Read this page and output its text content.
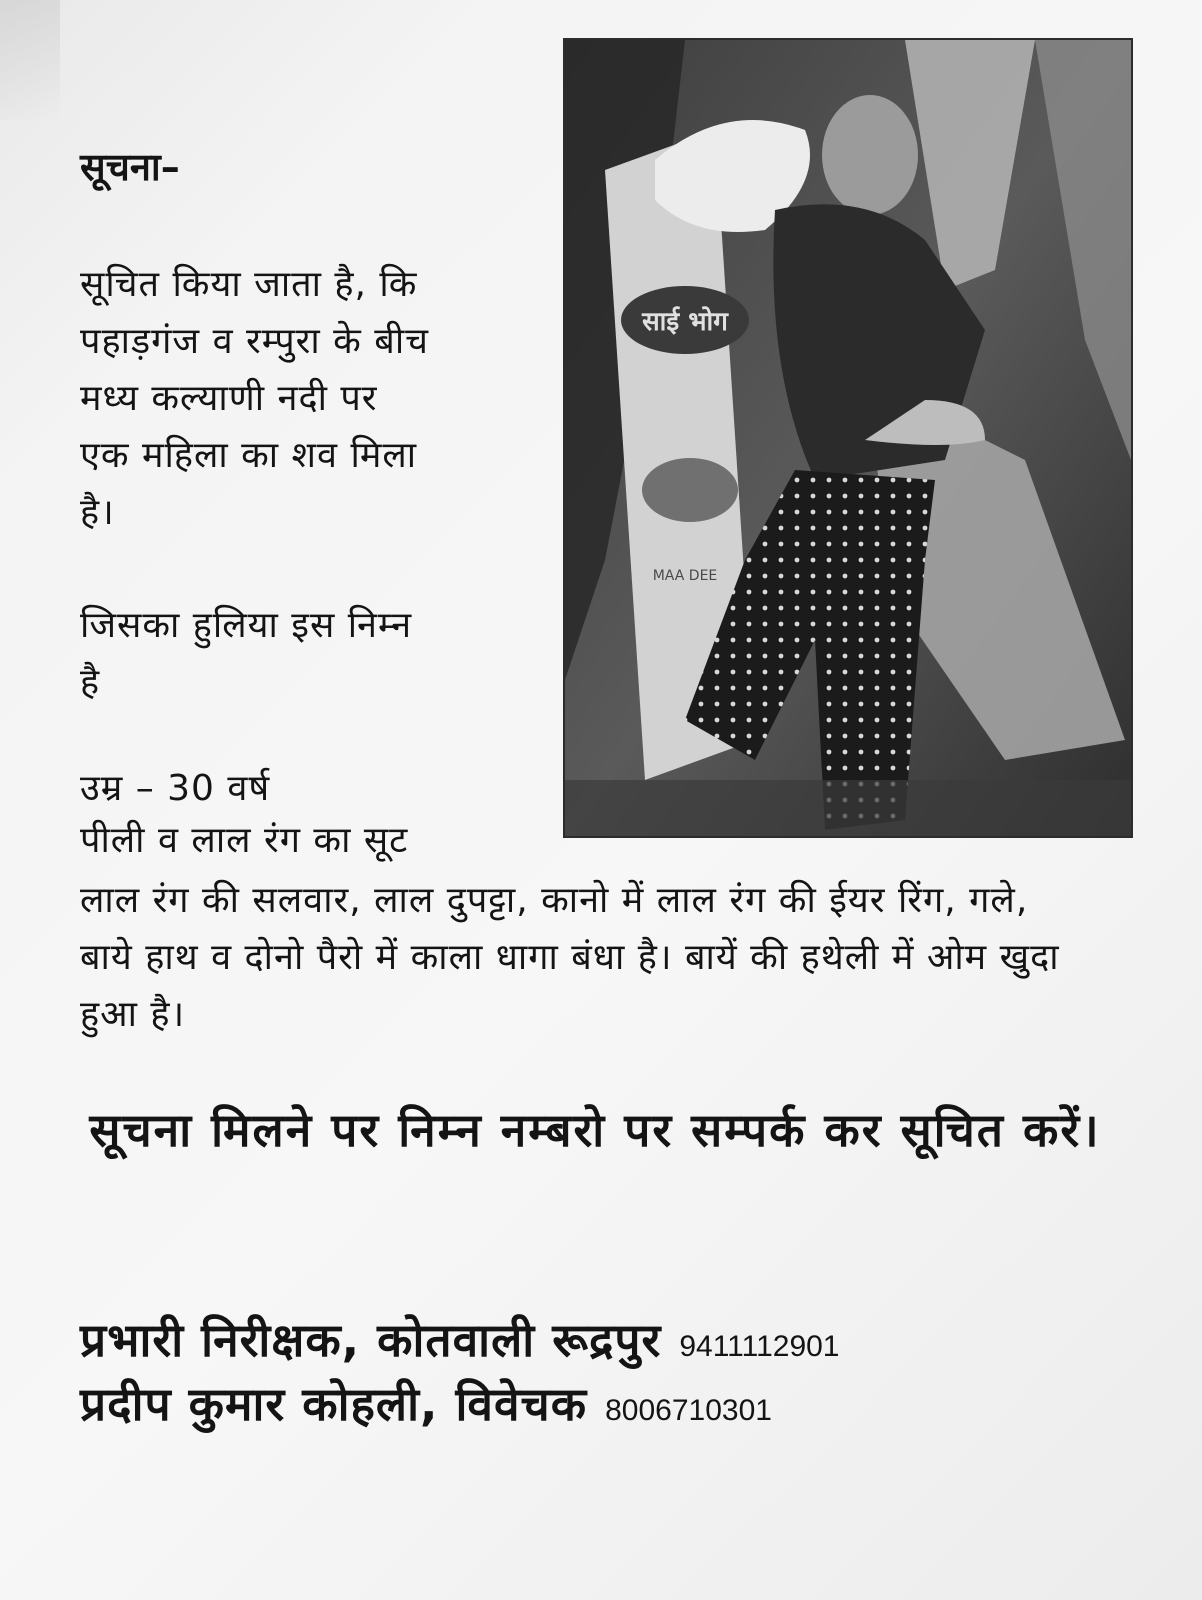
सूचना–
सूचित किया जाता है, कि
पहाड़गंज व रम्पुरा के बीच
मध्य कल्याणी नदी पर
एक महिला का शव मिला
है।
जिसका हुलिया इस निम्न
है
उम्र – 30 वर्ष
पीली व लाल रंग का सूट
लाल रंग की सलवार, लाल दुपट्टा, कानो में लाल रंग की ईयर रिंग, गले, बाये हाथ व दोनो पैरो में काला धागा बंधा है। बायें की हथेली में ओम खुदा हुआ है।
सूचना मिलने पर निम्न नम्बरो पर सम्पर्क कर सूचित करें।
प्रभारी निरीक्षक, कोतवाली रूद्रपुर 9411112901
प्रदीप कुमार कोहली, विवेचक 8006710301
साई भोग
MAA DEE
